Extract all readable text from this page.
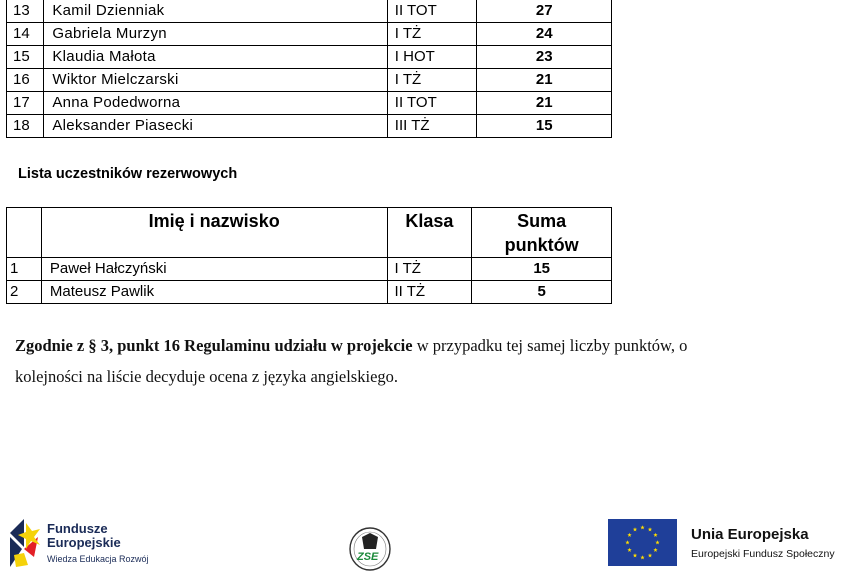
13	Kamil Dzienniak	II TOT	27
14	Gabriela Murzyn	I TŻ	24
15	Klaudia Małota	I HOT	23
16	Wiktor Mielczarski	I TŻ	21
17	Anna Podedworna	II TOT	21
18	Aleksander Piasecki	III TŻ	15
Lista uczestników rezerwowych
	Imię i nazwisko	Klasa	Suma
punktów
1	Paweł Hałczyński	I TŻ	15
2	Mateusz Pawlik	II TŻ	5
Zgodnie z § 3, punkt 16 Regulaminu udziału w projekcie w przypadku tej samej liczby punktów, o
kolejności na liście decyduje ocena z języka angielskiego.
Fundusze
Europejskie
Wiedza Edukacja Rozwój	ZSE
Unia Europejska
Europejski Fundusz Społeczny
